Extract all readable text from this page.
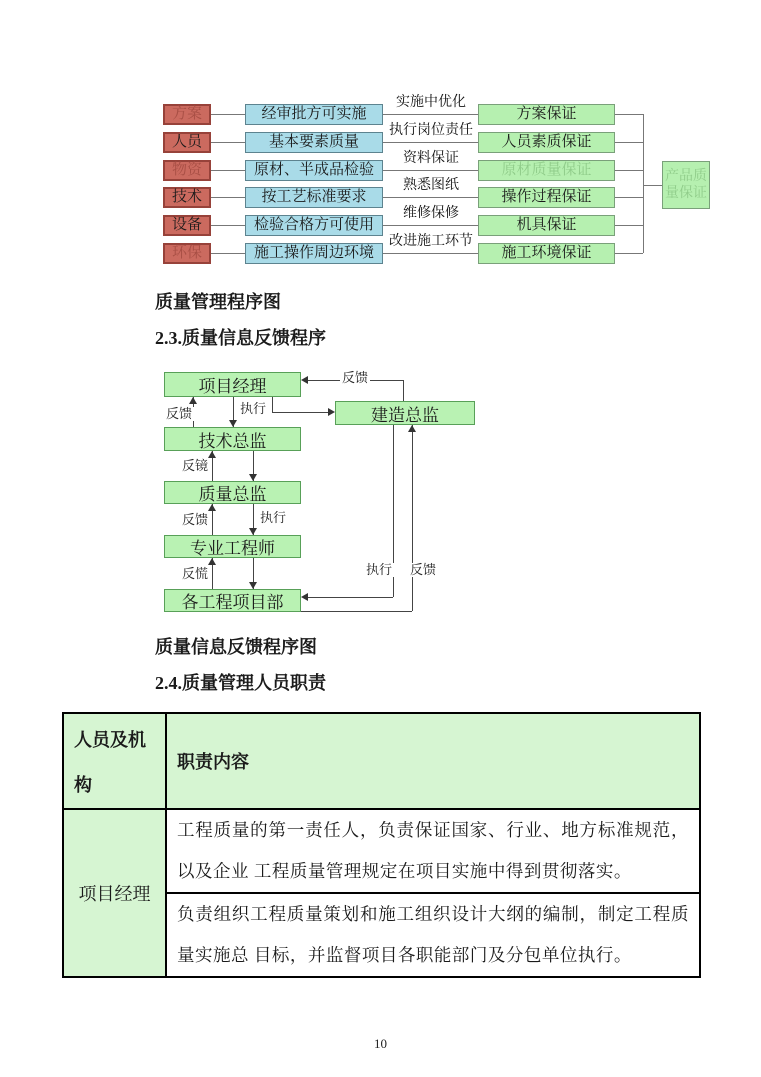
方案	经审批方可实施
实施中优化
方案保证
人员	基本要素质量
执行岗位责任
人员素质保证
物资	原材、半成品检验
资料保证
原材质量保证
技术	按工艺标准要求
熟悉图纸
操作过程保证
设备	检验合格方可使用
维修保修
机具保证
环保	施工操作周边环境
改进施工环节
施工环境保证
产品质量保证
质量管理程序图
2.3.质量信息反馈程序
项目经理
建造总监
技术总监
质量总监
专业工程师
各工程项目部
反馈
执行
反馈
反镜
执行
反馈
反慌	执行 反馈
质量信息反馈程序图
2.4.质量管理人员职责
人员及机构	职责内容
项目经理	工程质量的第一责任人，负责保证国家、行业、地方标准规范，以及企业 工程质量管理规定在项目实施中得到贯彻落实。
	负责组织工程质量策划和施工组织设计大纲的编制，制定工程质量实施总 目标，并监督项目各职能部门及分包单位执行。
10
